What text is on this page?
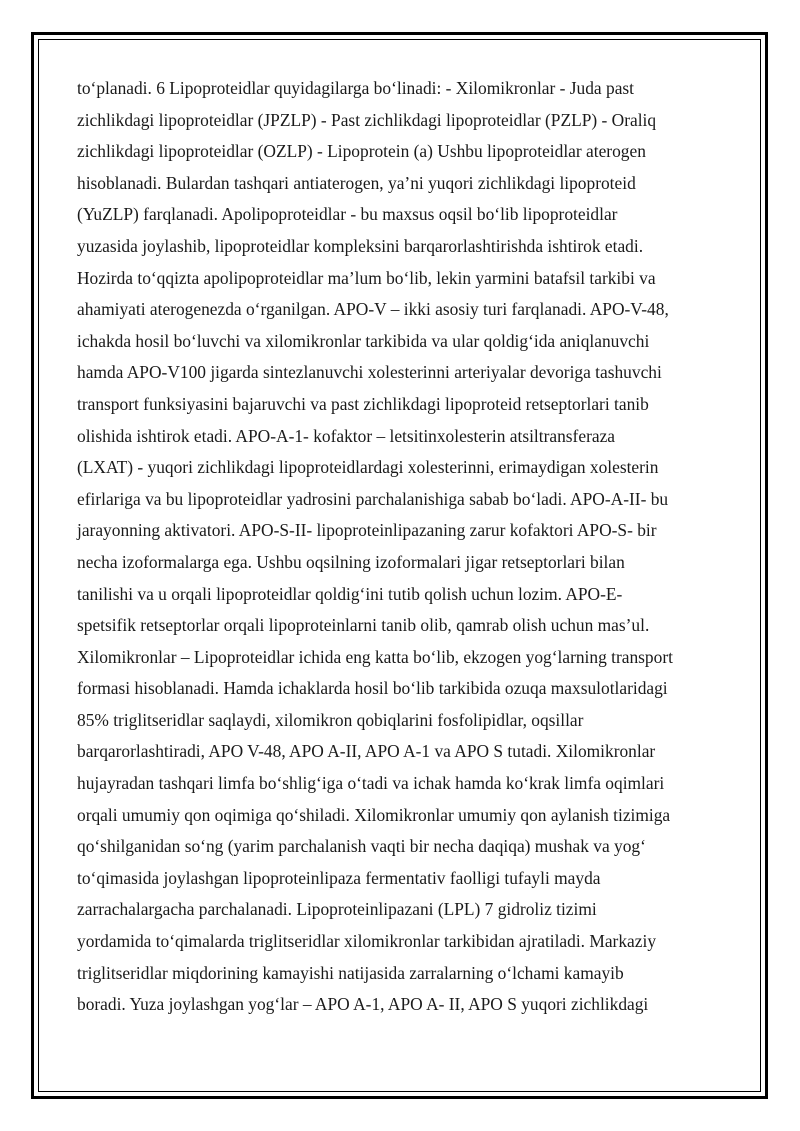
to‘planadi. 6 Lipoproteidlar quyidagilarga bo‘linadi: - Xilomikronlar - Juda past
zichlikdagi lipoproteidlar (JPZLP) - Past zichlikdagi lipoproteidlar (PZLP) - Oraliq
zichlikdagi lipoproteidlar (OZLP) - Lipoprotein (a) Ushbu lipoproteidlar aterogen
hisoblanadi. Bulardan tashqari antiaterogen, ya’ni yuqori zichlikdagi lipoproteid
(YuZLP) farqlanadi. Apolipoproteidlar - bu maxsus oqsil bo‘lib lipoproteidlar
yuzasida joylashib, lipoproteidlar kompleksini barqarorlashtirishda ishtirok etadi.
Hozirda to‘qqizta apolipoproteidlar ma’lum bo‘lib, lekin yarmini batafsil tarkibi va
ahamiyati aterogenezda o‘rganilgan. APO-V – ikki asosiy turi farqlanadi. APO-V-48,
ichakda hosil bo‘luvchi va xilomikronlar tarkibida va ular qoldig‘ida aniqlanuvchi
hamda APO-V100 jigarda sintezlanuvchi xolesterinni arteriyalar devoriga tashuvchi
transport funksiyasini bajaruvchi va past zichlikdagi lipoproteid retseptorlari tanib
olishida ishtirok etadi. APO-A-1- kofaktor – letsitinxolesterin atsiltransferaza
(LXAT) - yuqori zichlikdagi lipoproteidlardagi xolesterinni, erimaydigan xolesterin
efirlariga va bu lipoproteidlar yadrosini parchalanishiga sabab bo‘ladi. APO-A-II- bu
jarayonning aktivatori. APO-S-II- lipoproteinlipazaning zarur kofaktori APO-S- bir
necha izoformalarga ega. Ushbu oqsilning izoformalari jigar retseptorlari bilan
tanilishi va u orqali lipoproteidlar qoldig‘ini tutib qolish uchun lozim. APO-E-
spetsifik retseptorlar orqali lipoproteinlarni tanib olib, qamrab olish uchun mas’ul.
Xilomikronlar – Lipoproteidlar ichida eng katta bo‘lib, ekzogen yog‘larning transport
formasi hisoblanadi. Hamda ichaklarda hosil bo‘lib tarkibida ozuqa maxsulotlaridagi
85% triglitseridlar saqlaydi, xilomikron qobiqlarini fosfolipidlar, oqsillar
barqarorlashtiradi, APO V-48, APO A-II, APO A-1 va APO S tutadi. Xilomikronlar
hujayradan tashqari limfa bo‘shlig‘iga o‘tadi va ichak hamda ko‘krak limfa oqimlari
orqali umumiy qon oqimiga qo‘shiladi. Xilomikronlar umumiy qon aylanish tizimiga
qo‘shilganidan so‘ng (yarim parchalanish vaqti bir necha daqiqa) mushak va yog‘
to‘qimasida joylashgan lipoproteinlipaza fermentativ faolligi tufayli mayda
zarrachalargacha parchalanadi. Lipoproteinlipazani (LPL) 7 gidroliz tizimi
yordamida to‘qimalarda triglitseridlar xilomikronlar tarkibidan ajratiladi. Markaziy
triglitseridlar miqdorining kamayishi natijasida zarralarning o‘lchami kamayib
boradi. Yuza joylashgan yog‘lar – APO A-1, APO A- II, APO S yuqori zichlikdagi
